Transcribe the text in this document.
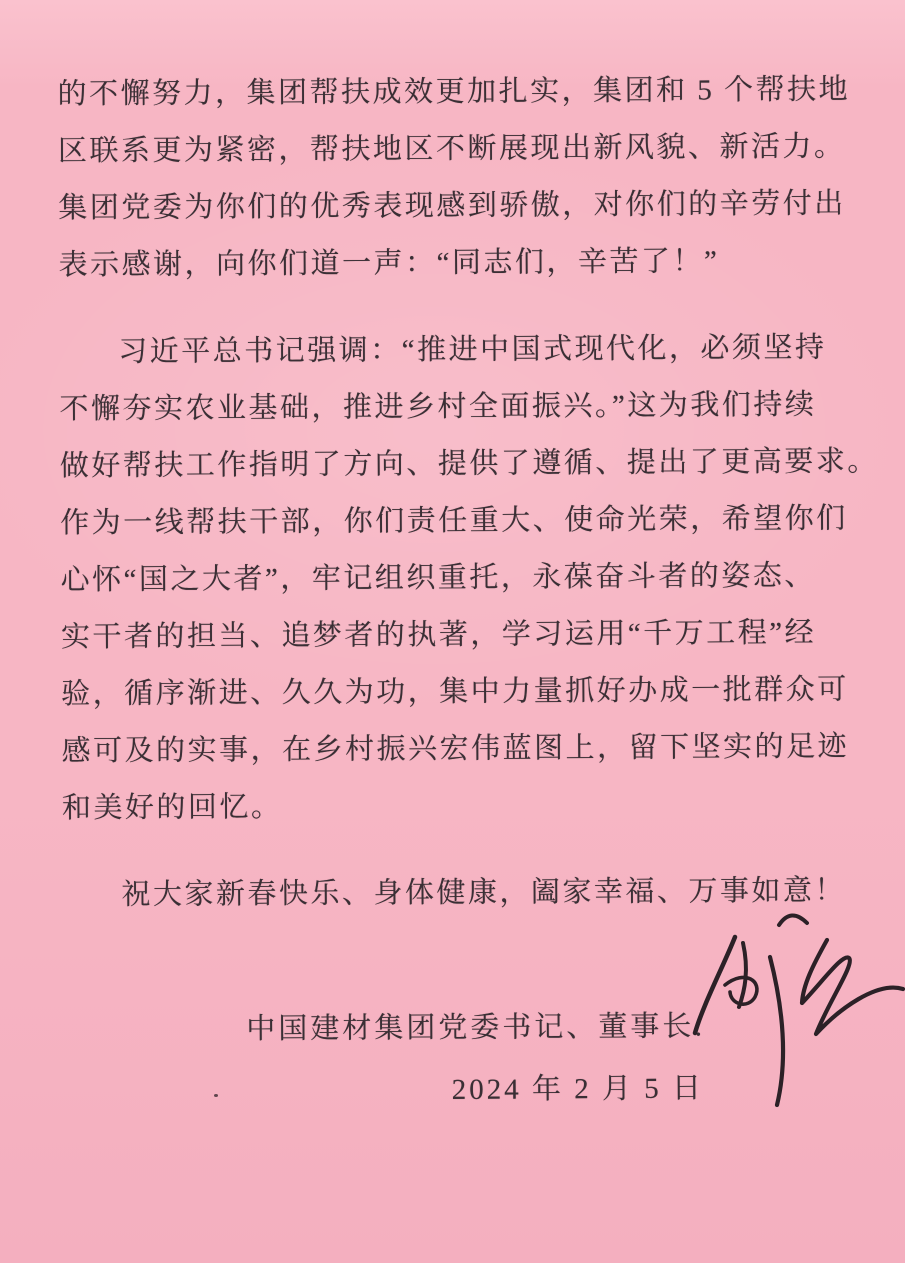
的不懈努力，集团帮扶成效更加扎实，集团和 5 个帮扶地
区联系更为紧密，帮扶地区不断展现出新风貌、新活力。
集团党委为你们的优秀表现感到骄傲，对你们的辛劳付出
表示感谢，向你们道一声：“同志们，辛苦了！”
习近平总书记强调：“推进中国式现代化，必须坚持
不懈夯实农业基础，推进乡村全面振兴。”这为我们持续
做好帮扶工作指明了方向、提供了遵循、提出了更高要求。
作为一线帮扶干部，你们责任重大、使命光荣，希望你们
心怀“国之大者”，牢记组织重托，永葆奋斗者的姿态、
实干者的担当、追梦者的执著，学习运用“千万工程”经
验，循序渐进、久久为功，集中力量抓好办成一批群众可
感可及的实事，在乡村振兴宏伟蓝图上，留下坚实的足迹
和美好的回忆。
祝大家新春快乐、身体健康，阖家幸福、万事如意！
中国建材集团党委书记、董事长:
2024 年 2 月 5 日
